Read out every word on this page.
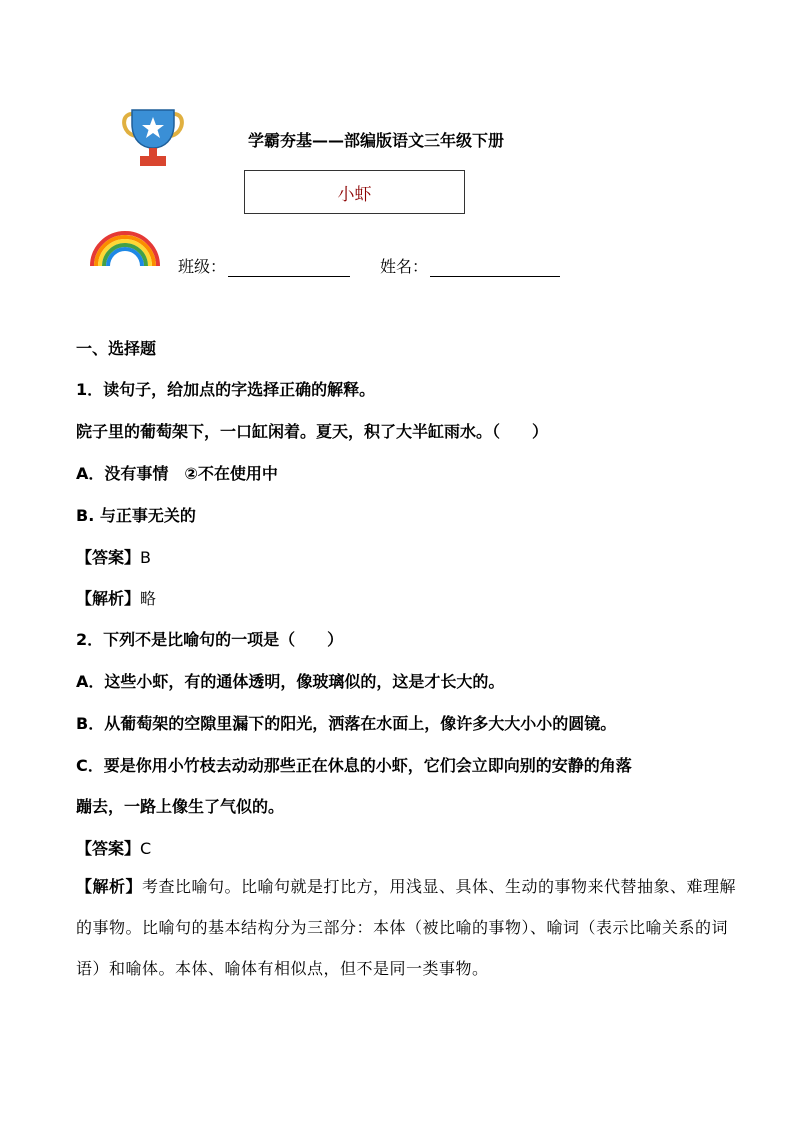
学霸夯基——部编版语文三年级下册
小虾
班级：	姓名：
一、选择题
1．读句子，给加点的字选择正确的解释。
院子里的葡萄架下，一口缸闲着。夏天，积了大半缸雨水。（　　）
A．没有事情　②不在使用中
B. 与正事无关的
【答案】B
【解析】略
2．下列不是比喻句的一项是（　　）
A．这些小虾，有的通体透明，像玻璃似的，这是才长大的。
B．从葡萄架的空隙里漏下的阳光，洒落在水面上，像许多大大小小的圆镜。
C．要是你用小竹枝去动动那些正在休息的小虾，它们会立即向别的安静的角落
蹦去，一路上像生了气似的。
【答案】C
【解析】考查比喻句。比喻句就是打比方，用浅显、具体、生动的事物来代替抽象、难理解的事物。比喻句的基本结构分为三部分：本体（被比喻的事物）、喻词（表示比喻关系的词语）和喻体。本体、喻体有相似点，但不是同一类事物。
